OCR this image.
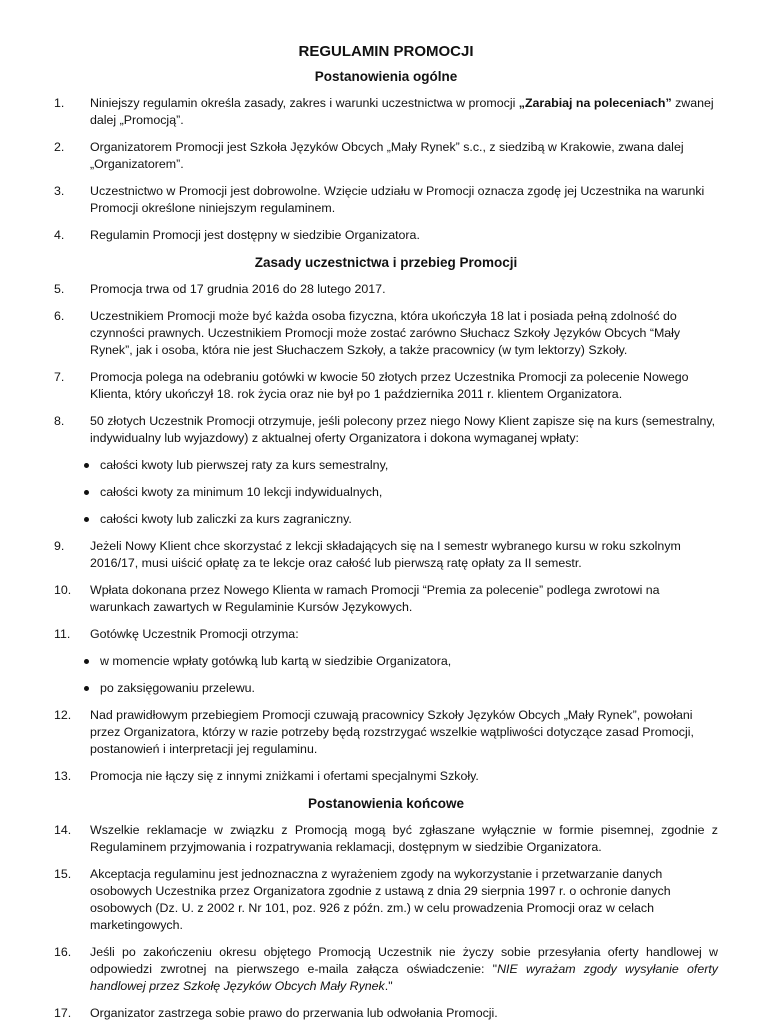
REGULAMIN PROMOCJI
Postanowienia ogólne
1. Niniejszy regulamin określa zasady, zakres i warunki uczestnictwa w promocji „Zarabiaj na poleceniach” zwanej dalej „Promocją”.
2. Organizatorem Promocji jest Szkoła Języków Obcych „Mały Rynek” s.c., z siedzibą w Krakowie, zwana dalej „Organizatorem”.
3. Uczestnictwo w Promocji jest dobrowolne. Wzięcie udziału w Promocji oznacza zgodę jej Uczestnika na warunki Promocji określone niniejszym regulaminem.
4. Regulamin Promocji jest dostępny w siedzibie Organizatora.
Zasady uczestnictwa i przebieg Promocji
5. Promocja trwa od 17 grudnia 2016 do 28 lutego 2017.
6. Uczestnikiem Promocji może być każda osoba fizyczna, która ukończyła 18 lat i posiada pełną zdolność do czynności prawnych. Uczestnikiem Promocji może zostać zarówno Słuchacz Szkoły Języków Obcych “Mały Rynek”, jak i osoba, która nie jest Słuchaczem Szkoły, a także pracownicy (w tym lektorzy) Szkoły.
7. Promocja polega na odebraniu gotówki w kwocie 50 złotych przez Uczestnika Promocji za polecenie Nowego Klienta, który ukończył 18. rok życia oraz nie był po 1 października 2011 r. klientem Organizatora.
8. 50 złotych Uczestnik Promocji otrzymuje, jeśli polecony przez niego Nowy Klient zapisze się na kurs (semestralny, indywidualny lub wyjazdowy) z aktualnej oferty Organizatora i dokona wymaganej wpłaty:
całości kwoty lub pierwszej raty za kurs semestralny,
całości kwoty za minimum 10 lekcji indywidualnych,
całości kwoty lub zaliczki za kurs zagraniczny.
9. Jeżeli Nowy Klient chce skorzystać z lekcji składających się na I semestr wybranego kursu w roku szkolnym 2016/17, musi uiścić opłatę za te lekcje oraz całość lub pierwszą ratę opłaty za II semestr.
10. Wpłata dokonana przez Nowego Klienta w ramach Promocji “Premia za polecenie” podlega zwrotowi na warunkach zawartych w Regulaminie Kursów Językowych.
11. Gotówkę Uczestnik Promocji otrzyma:
w momencie wpłaty gotówką lub kartą w siedzibie Organizatora,
po zaksięgowaniu przelewu.
12. Nad prawidłowym przebiegiem Promocji czuwają pracownicy Szkoły Języków Obcych „Mały Rynek”, powołani przez Organizatora, którzy w razie potrzeby będą rozstrzygać wszelkie wątpliwości dotyczące zasad Promocji, postanowień i interpretacji jej regulaminu.
13. Promocja nie łączy się z innymi zniżkami i ofertami specjalnymi Szkoły.
Postanowienia końcowe
14. Wszelkie reklamacje w związku z Promocją mogą być zgłaszane wyłącznie w formie pisemnej, zgodnie z Regulaminem przyjmowania i rozpatrywania reklamacji, dostępnym w siedzibie Organizatora.
15. Akceptacja regulaminu jest jednoznaczna z wyrażeniem zgody na wykorzystanie i przetwarzanie danych osobowych Uczestnika przez Organizatora zgodnie z ustawą z dnia 29 sierpnia 1997 r. o ochronie danych osobowych (Dz. U. z 2002 r. Nr 101, poz. 926 z późn. zm.) w celu prowadzenia Promocji oraz w celach marketingowych.
16. Jeśli po zakończeniu okresu objętego Promocją Uczestnik nie życzy sobie przesyłania oferty handlowej w odpowiedzi zwrotnej na pierwszego e-maila załącza oświadczenie: "NIE wyrażam zgody wysyłanie oferty handlowej przez Szkołę Języków Obcych Mały Rynek."
17. Organizator zastrzega sobie prawo do przerwania lub odwołania Promocji.
